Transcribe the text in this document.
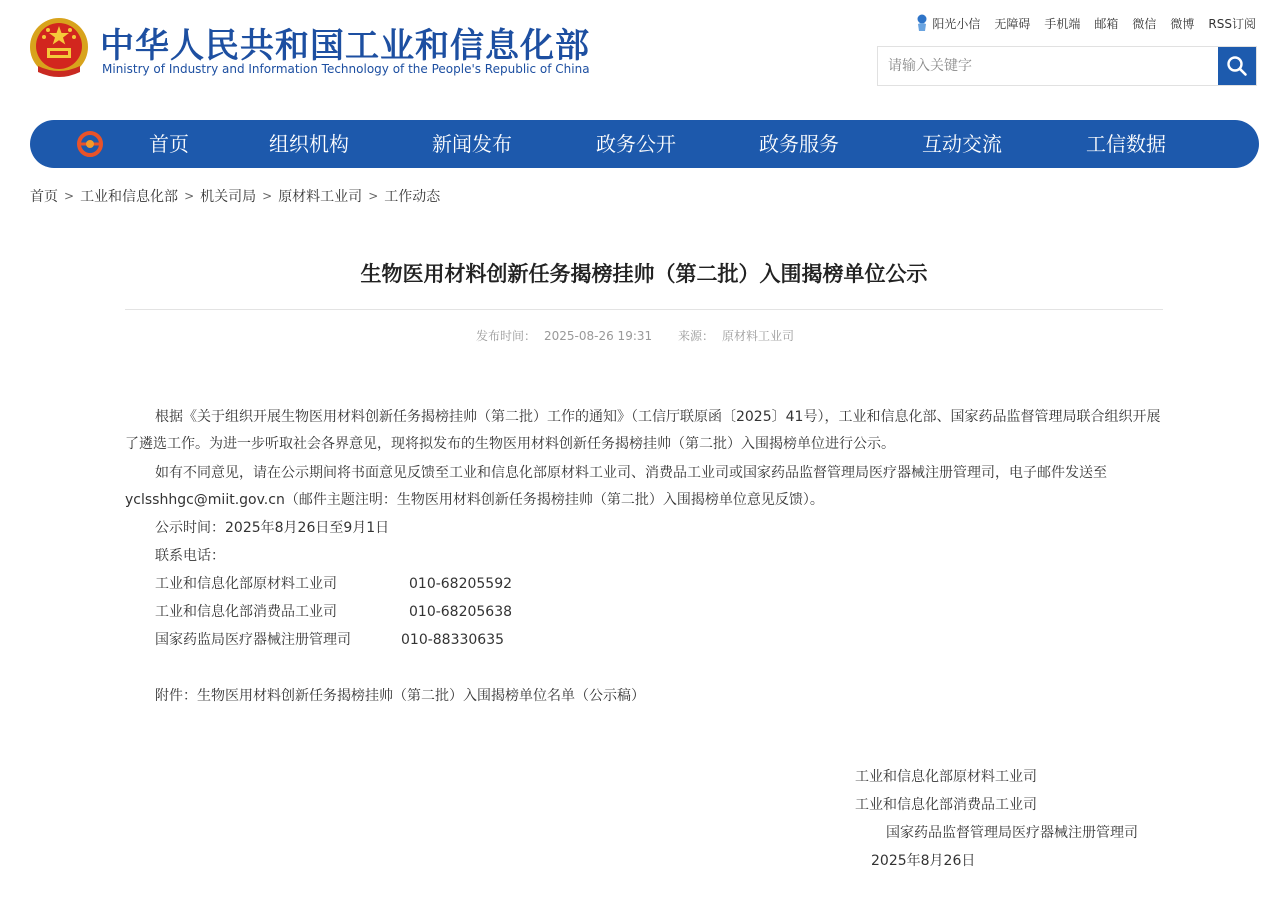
中华人民共和国工业和信息化部
Ministry of Industry and Information Technology of the People's Republic of China
阳光小信 无障碍 手机端 邮箱 微信 微博 RSS订阅
请输入关键字
首页	组织机构	新闻发布	政务公开	政务服务	互动交流	工信数据
首页 > 工业和信息化部 > 机关司局 > 原材料工业司 > 工作动态
生物医用材料创新任务揭榜挂帅（第二批）入围揭榜单位公示
发布时间： 2025-08-26 19:31 来源： 原材料工业司

根据《关于组织开展生物医用材料创新任务揭榜挂帅（第二批）工作的通知》（工信厅联原函〔2025〕41号），工业和信息化部、国家药品监督管理局联合组织开展了遴选工作。为进一步听取社会各界意见，现将拟发布的生物医用材料创新任务揭榜挂帅（第二批）入围揭榜单位进行公示。

如有不同意见，请在公示期间将书面意见反馈至工业和信息化部原材料工业司、消费品工业司或国家药品监督管理局医疗器械注册管理司，电子邮件发送至yclsshhgc@miit.gov.cn（邮件主题注明：生物医用材料创新任务揭榜挂帅（第二批）入围揭榜单位意见反馈）。

公示时间：2025年8月26日至9月1日
联系电话：
工业和信息化部原材料工业司	010-68205592
工业和信息化部消费品工业司	010-68205638
国家药监局医疗器械注册管理司	010-88330635
附件：生物医用材料创新任务揭榜挂帅（第二批）入围揭榜单位名单（公示稿）
工业和信息化部原材料工业司
工业和信息化部消费品工业司
国家药品监督管理局医疗器械注册管理司
2025年8月26日
